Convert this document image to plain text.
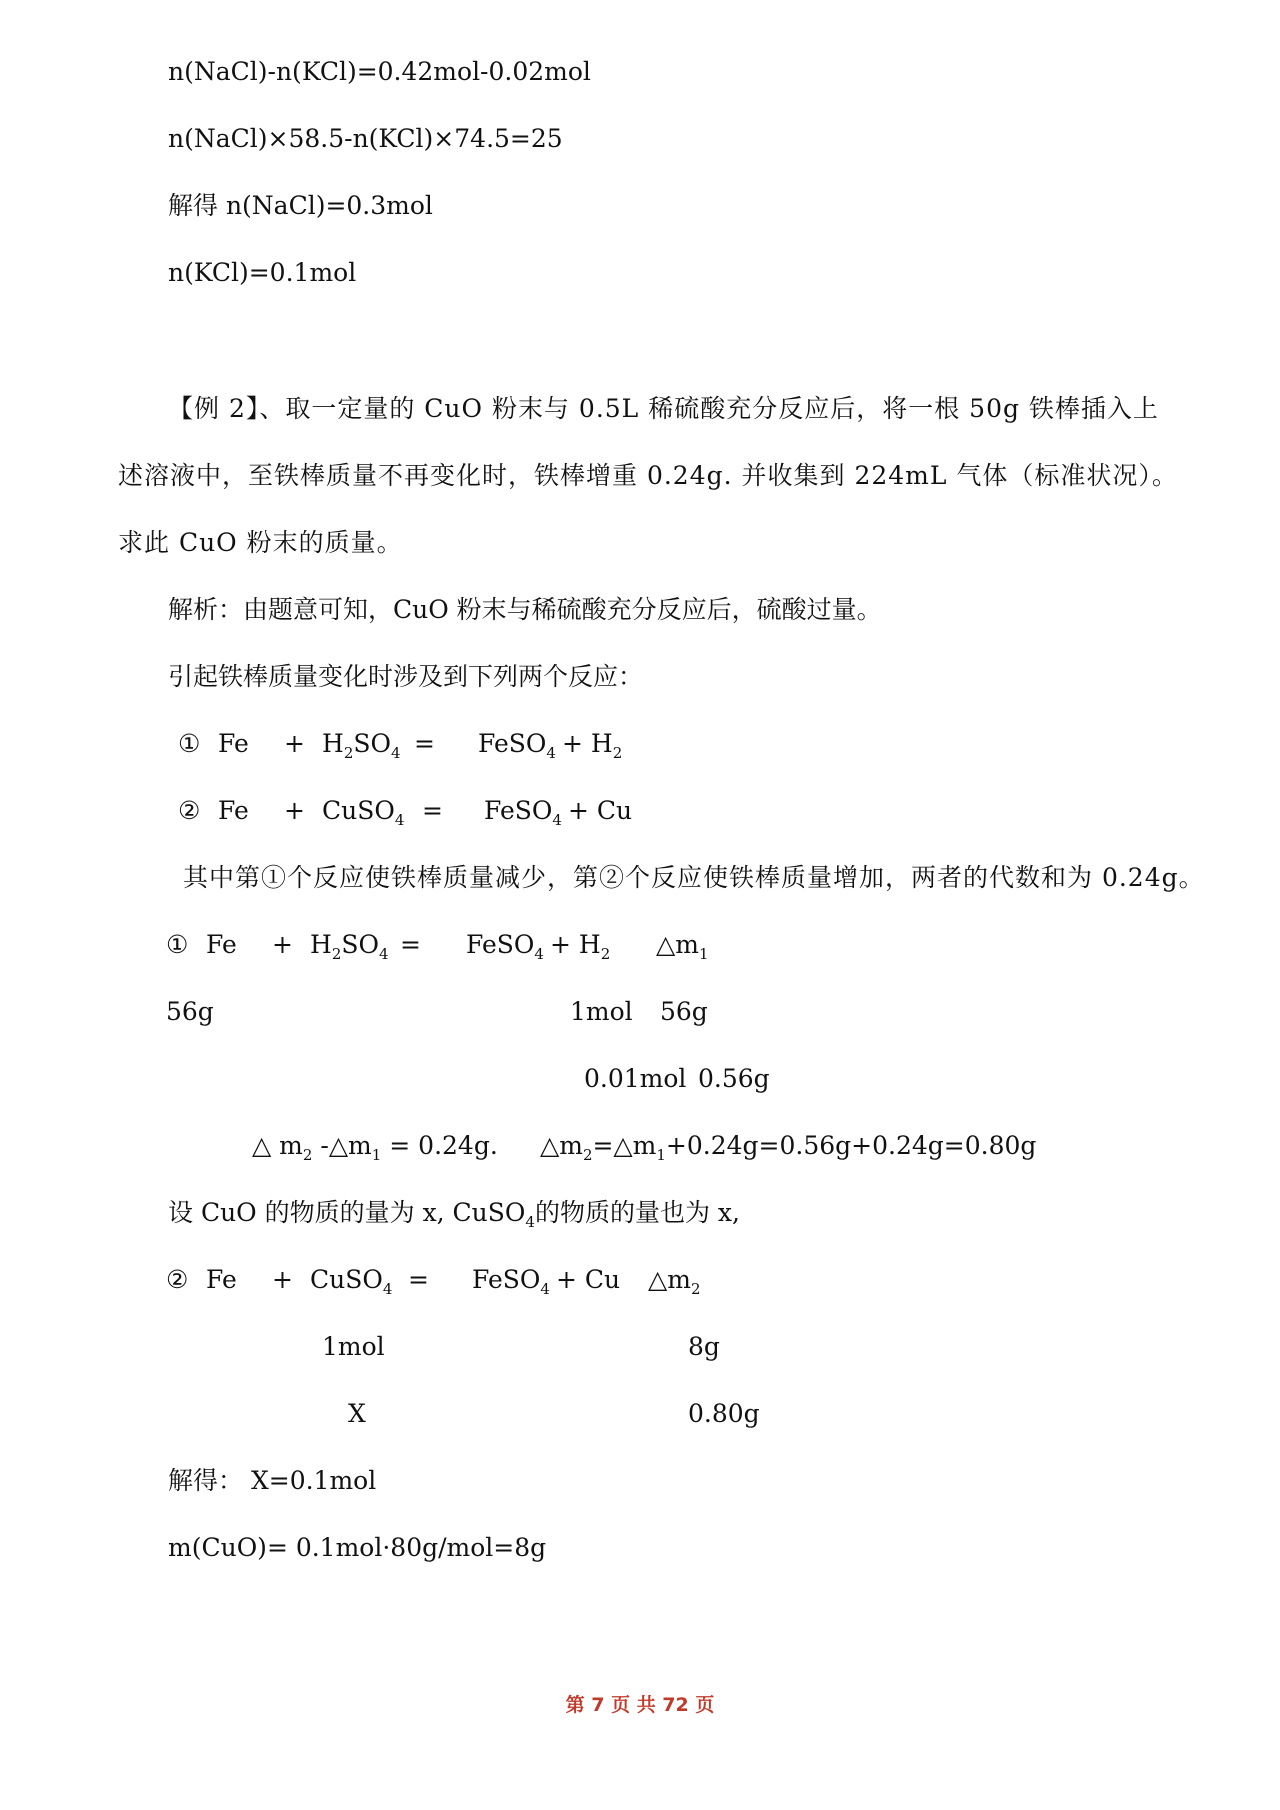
n(NaCl)-n(KCl)=0.42mol-0.02mol
n(NaCl)×58.5-n(KCl)×74.5=25
解得 n(NaCl)=0.3mol
n(KCl)=0.1mol
【例 2】、取一定量的 CuO 粉末与 0.5L 稀硫酸充分反应后，将一根 50g 铁棒插入上述溶液中，至铁棒质量不再变化时，铁棒增重 0.24g. 并收集到 224mL 气体（标准状况）。求此 CuO 粉末的质量。
解析：由题意可知，CuO 粉末与稀硫酸充分反应后，硫酸过量。
引起铁棒质量变化时涉及到下列两个反应：
① $Fe + H_2SO_4$ = FeSO$_4$ + $H_2$
② Fe + CuSO$_4$ = FeSO$_4$ + Cu
其中第①个反应使铁棒质量减少，第②个反应使铁棒质量增加，两者的代数和为 0.24g。
① $Fe + H_2SO_4$ = FeSO$_4$ + $H_2$ $\triangle m_1$
56g	1mol 56g
0.01mol 0.56g
△ $m_2$ $-\triangle m_1 = 0.24g$. $\triangle m_2=\triangle m_1+0.24g=0.56g+0.24g=0.80g$
设 CuO 的物质的量为 x, CuSO$_4$的物质的量也为 x,
② Fe + CuSO$_4$ = FeSO$_4$ + Cu $\triangle m_2$
1mol	8g
X	0.80g
解得： X=0.1mol
m(CuO)= 0.1mol·80g/mol=8g
第 7 页 共 72 页
